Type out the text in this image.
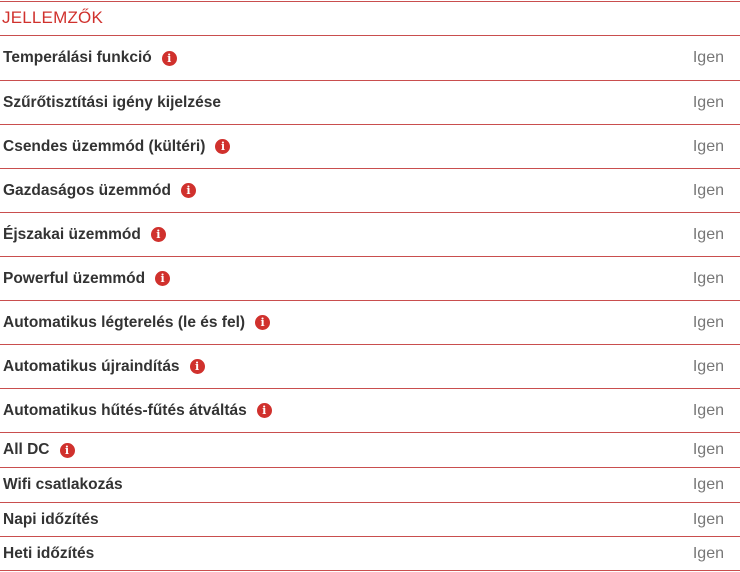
JELLEMZŐK
Temperálási funkció	i	Igen
Szűrőtisztítási igény kijelzése	Igen
Csendes üzemmód (kültéri)	i	Igen
Gazdaságos üzemmód	i	Igen
Éjszakai üzemmód	i	Igen
Powerful üzemmód	i	Igen
Automatikus légterelés (le és fel)	i	Igen
Automatikus újraindítás	i	Igen
Automatikus hűtés-fűtés átváltás	i	Igen
All DC	i	Igen
Wifi csatlakozás	Igen
Napi időzítés	Igen
Heti időzítés	Igen
